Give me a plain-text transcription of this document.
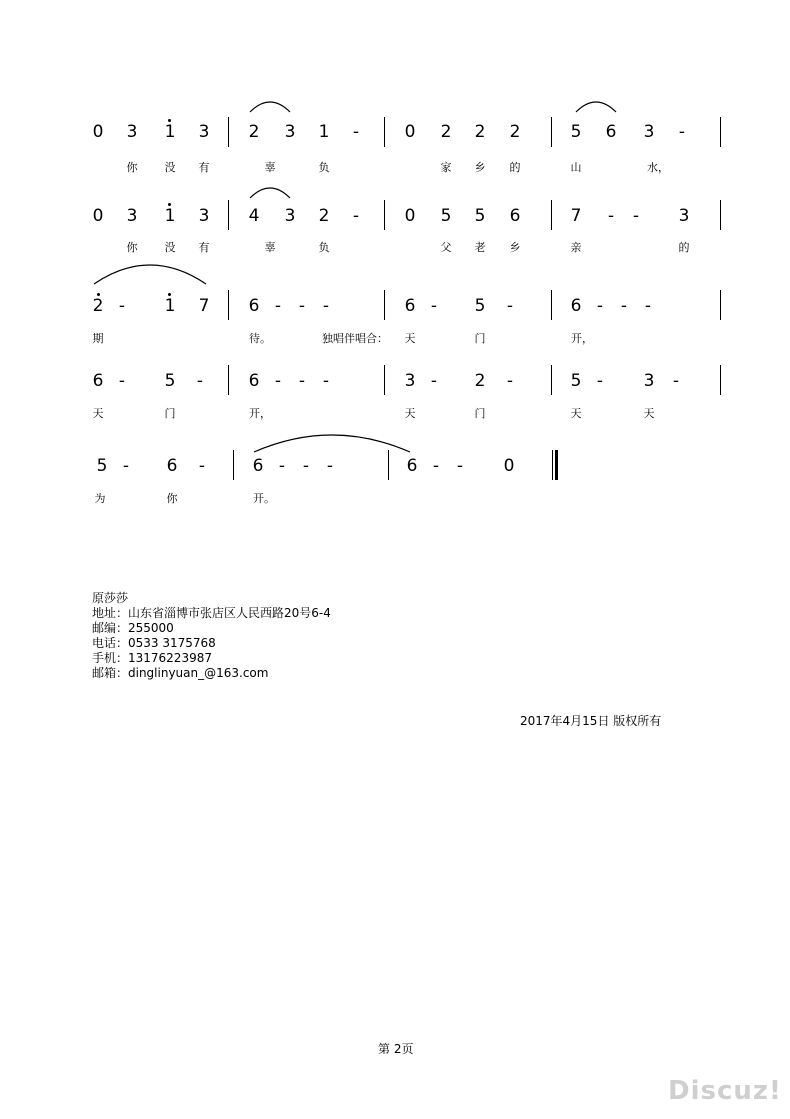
0	3	1	3	2	3	1	-	0	2	2	2	5	6	3	-
你	没	有	辜	负	家	乡	的	山	水，
0	3	1	3	4	3	2	-	0	5	5	6	7	-	-	3
你	没	有	辜	负	父	老	乡	亲	的
2 -	1	7	6 -	-	-	6 -	5	-	6 -	-	-
期	待。	独唱伴唱合：	天	门	开，
6 -	5	-	6 -	-	-	3 -	2	-	5 -	3	-
天	门	开，	天	门	天	天
5 -	6	-	6 -	-	-	6 -	-	0
为	你	开。
原莎莎
地址：山东省淄博市张店区人民西路20号6-4
邮编：255000
电话：0533 3175768
手机：13176223987
邮箱：dinglinyuan_@163.com
2017年4月15日 版权所有
第 2页
Discuz!
